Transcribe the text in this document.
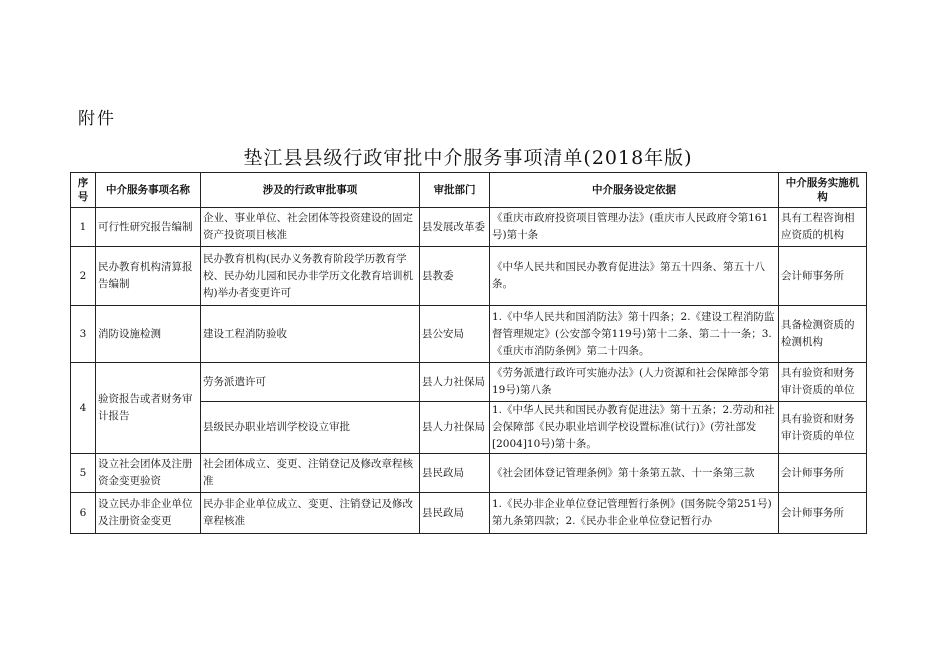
附件
垫江县县级行政审批中介服务事项清单(2018年版)
序号	中介服务事项名称	涉及的行政审批事项	审批部门	中介服务设定依据	中介服务实施机构
1	可行性研究报告编制	企业、事业单位、社会团体等投资建设的固定资产投资项目核准	县发展改革委	《重庆市政府投资项目管理办法》(重庆市人民政府令第161号)第十条	具有工程咨询相应资质的机构
2	民办教育机构清算报告编制	民办教育机构(民办义务教育阶段学历教育学校、民办幼儿园和民办非学历文化教育培训机构)举办者变更许可	县教委	《中华人民共和国民办教育促进法》第五十四条、第五十八条。	会计师事务所
3	消防设施检测	建设工程消防验收	县公安局	1.《中华人民共和国消防法》第十四条；2.《建设工程消防监督管理规定》(公安部令第119号)第十二条、第二十一条；3.《重庆市消防条例》第二十四条。	具备检测资质的检测机构
4	验资报告或者财务审计报告	劳务派遣许可	县人力社保局	《劳务派遣行政许可实施办法》(人力资源和社会保障部令第19号)第八条	具有验资和财务审计资质的单位
		县级民办职业培训学校设立审批	县人力社保局	1.《中华人民共和国民办教育促进法》第十五条；2.劳动和社会保障部《民办职业培训学校设置标准(试行)》(劳社部发[2004]10号)第十条。	具有验资和财务审计资质的单位
5	设立社会团体及注册资金变更验资	社会团体成立、变更、注销登记及修改章程核准	县民政局	《社会团体登记管理条例》第十条第五款、十一条第三款	会计师事务所
6	设立民办非企业单位及注册资金变更	民办非企业单位成立、变更、注销登记及修改章程核准	县民政局	1.《民办非企业单位登记管理暂行条例》(国务院令第251号)第九条第四款；2.《民办非企业单位登记暂行办	会计师事务所
